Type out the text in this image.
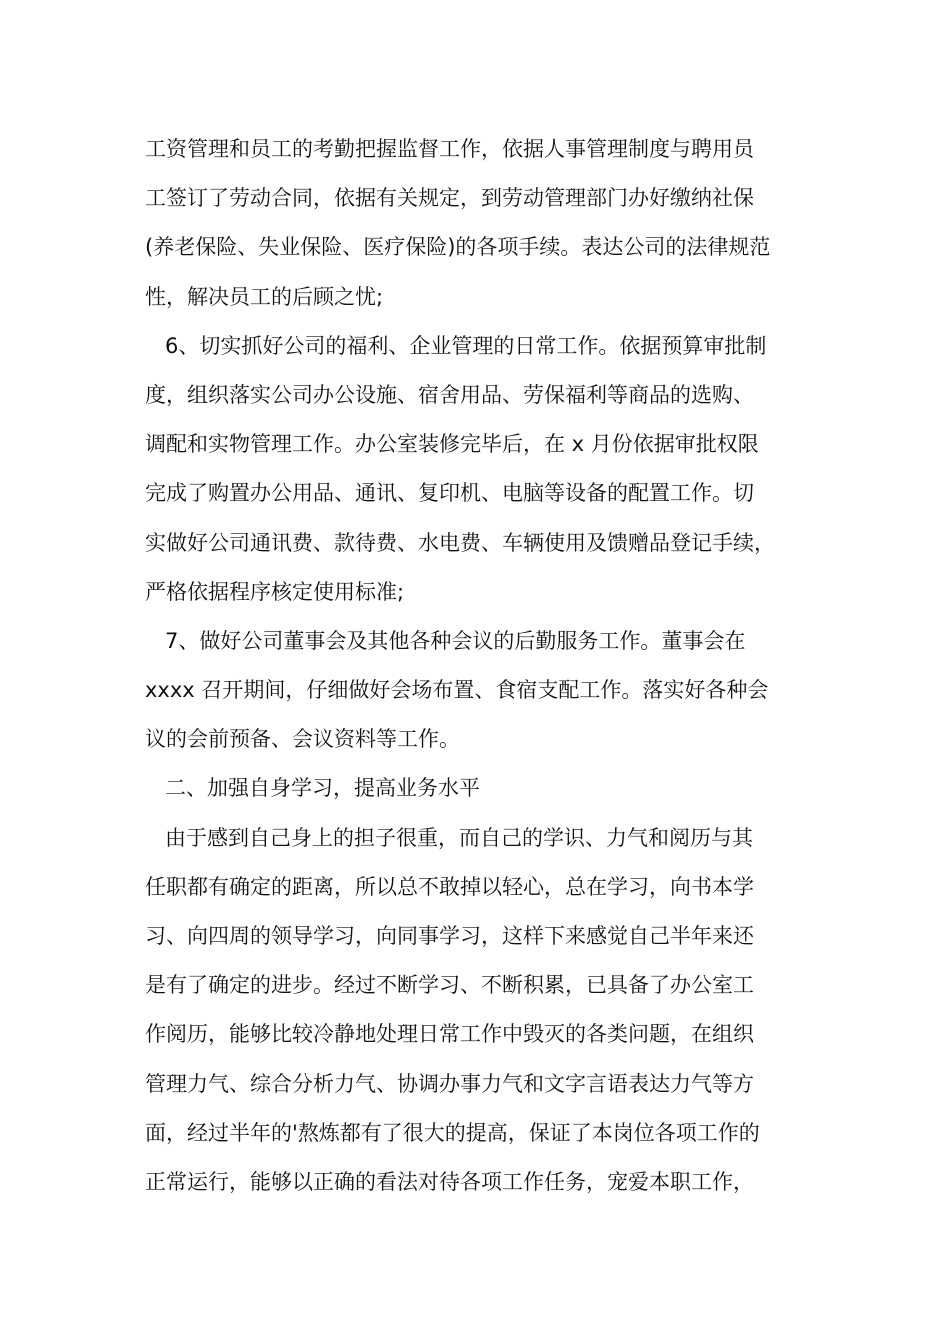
工资管理和员工的考勤把握监督工作，依据人事管理制度与聘用员
工签订了劳动合同，依据有关规定，到劳动管理部门办好缴纳社保
(养老保险、失业保险、医疗保险)的各项手续。表达公司的法律规范
性，解决员工的后顾之忧;
6、切实抓好公司的福利、企业管理的日常工作。依据预算审批制
度，组织落实公司办公设施、宿舍用品、劳保福利等商品的选购、
调配和实物管理工作。办公室装修完毕后，在 x 月份依据审批权限
完成了购置办公用品、通讯、复印机、电脑等设备的配置工作。切
实做好公司通讯费、款待费、水电费、车辆使用及馈赠品登记手续，
严格依据程序核定使用标准;
7、做好公司董事会及其他各种会议的后勤服务工作。董事会在
xxxx 召开期间，仔细做好会场布置、食宿支配工作。落实好各种会
议的会前预备、会议资料等工作。
二、加强自身学习，提高业务水平
由于感到自己身上的担子很重，而自己的学识、力气和阅历与其
任职都有确定的距离，所以总不敢掉以轻心，总在学习，向书本学
习、向四周的领导学习，向同事学习，这样下来感觉自己半年来还
是有了确定的进步。经过不断学习、不断积累，已具备了办公室工
作阅历，能够比较冷静地处理日常工作中毁灭的各类问题，在组织
管理力气、综合分析力气、协调办事力气和文字言语表达力气等方
面，经过半年的'熬炼都有了很大的提高，保证了本岗位各项工作的
正常运行，能够以正确的看法对待各项工作任务，宠爱本职工作，
